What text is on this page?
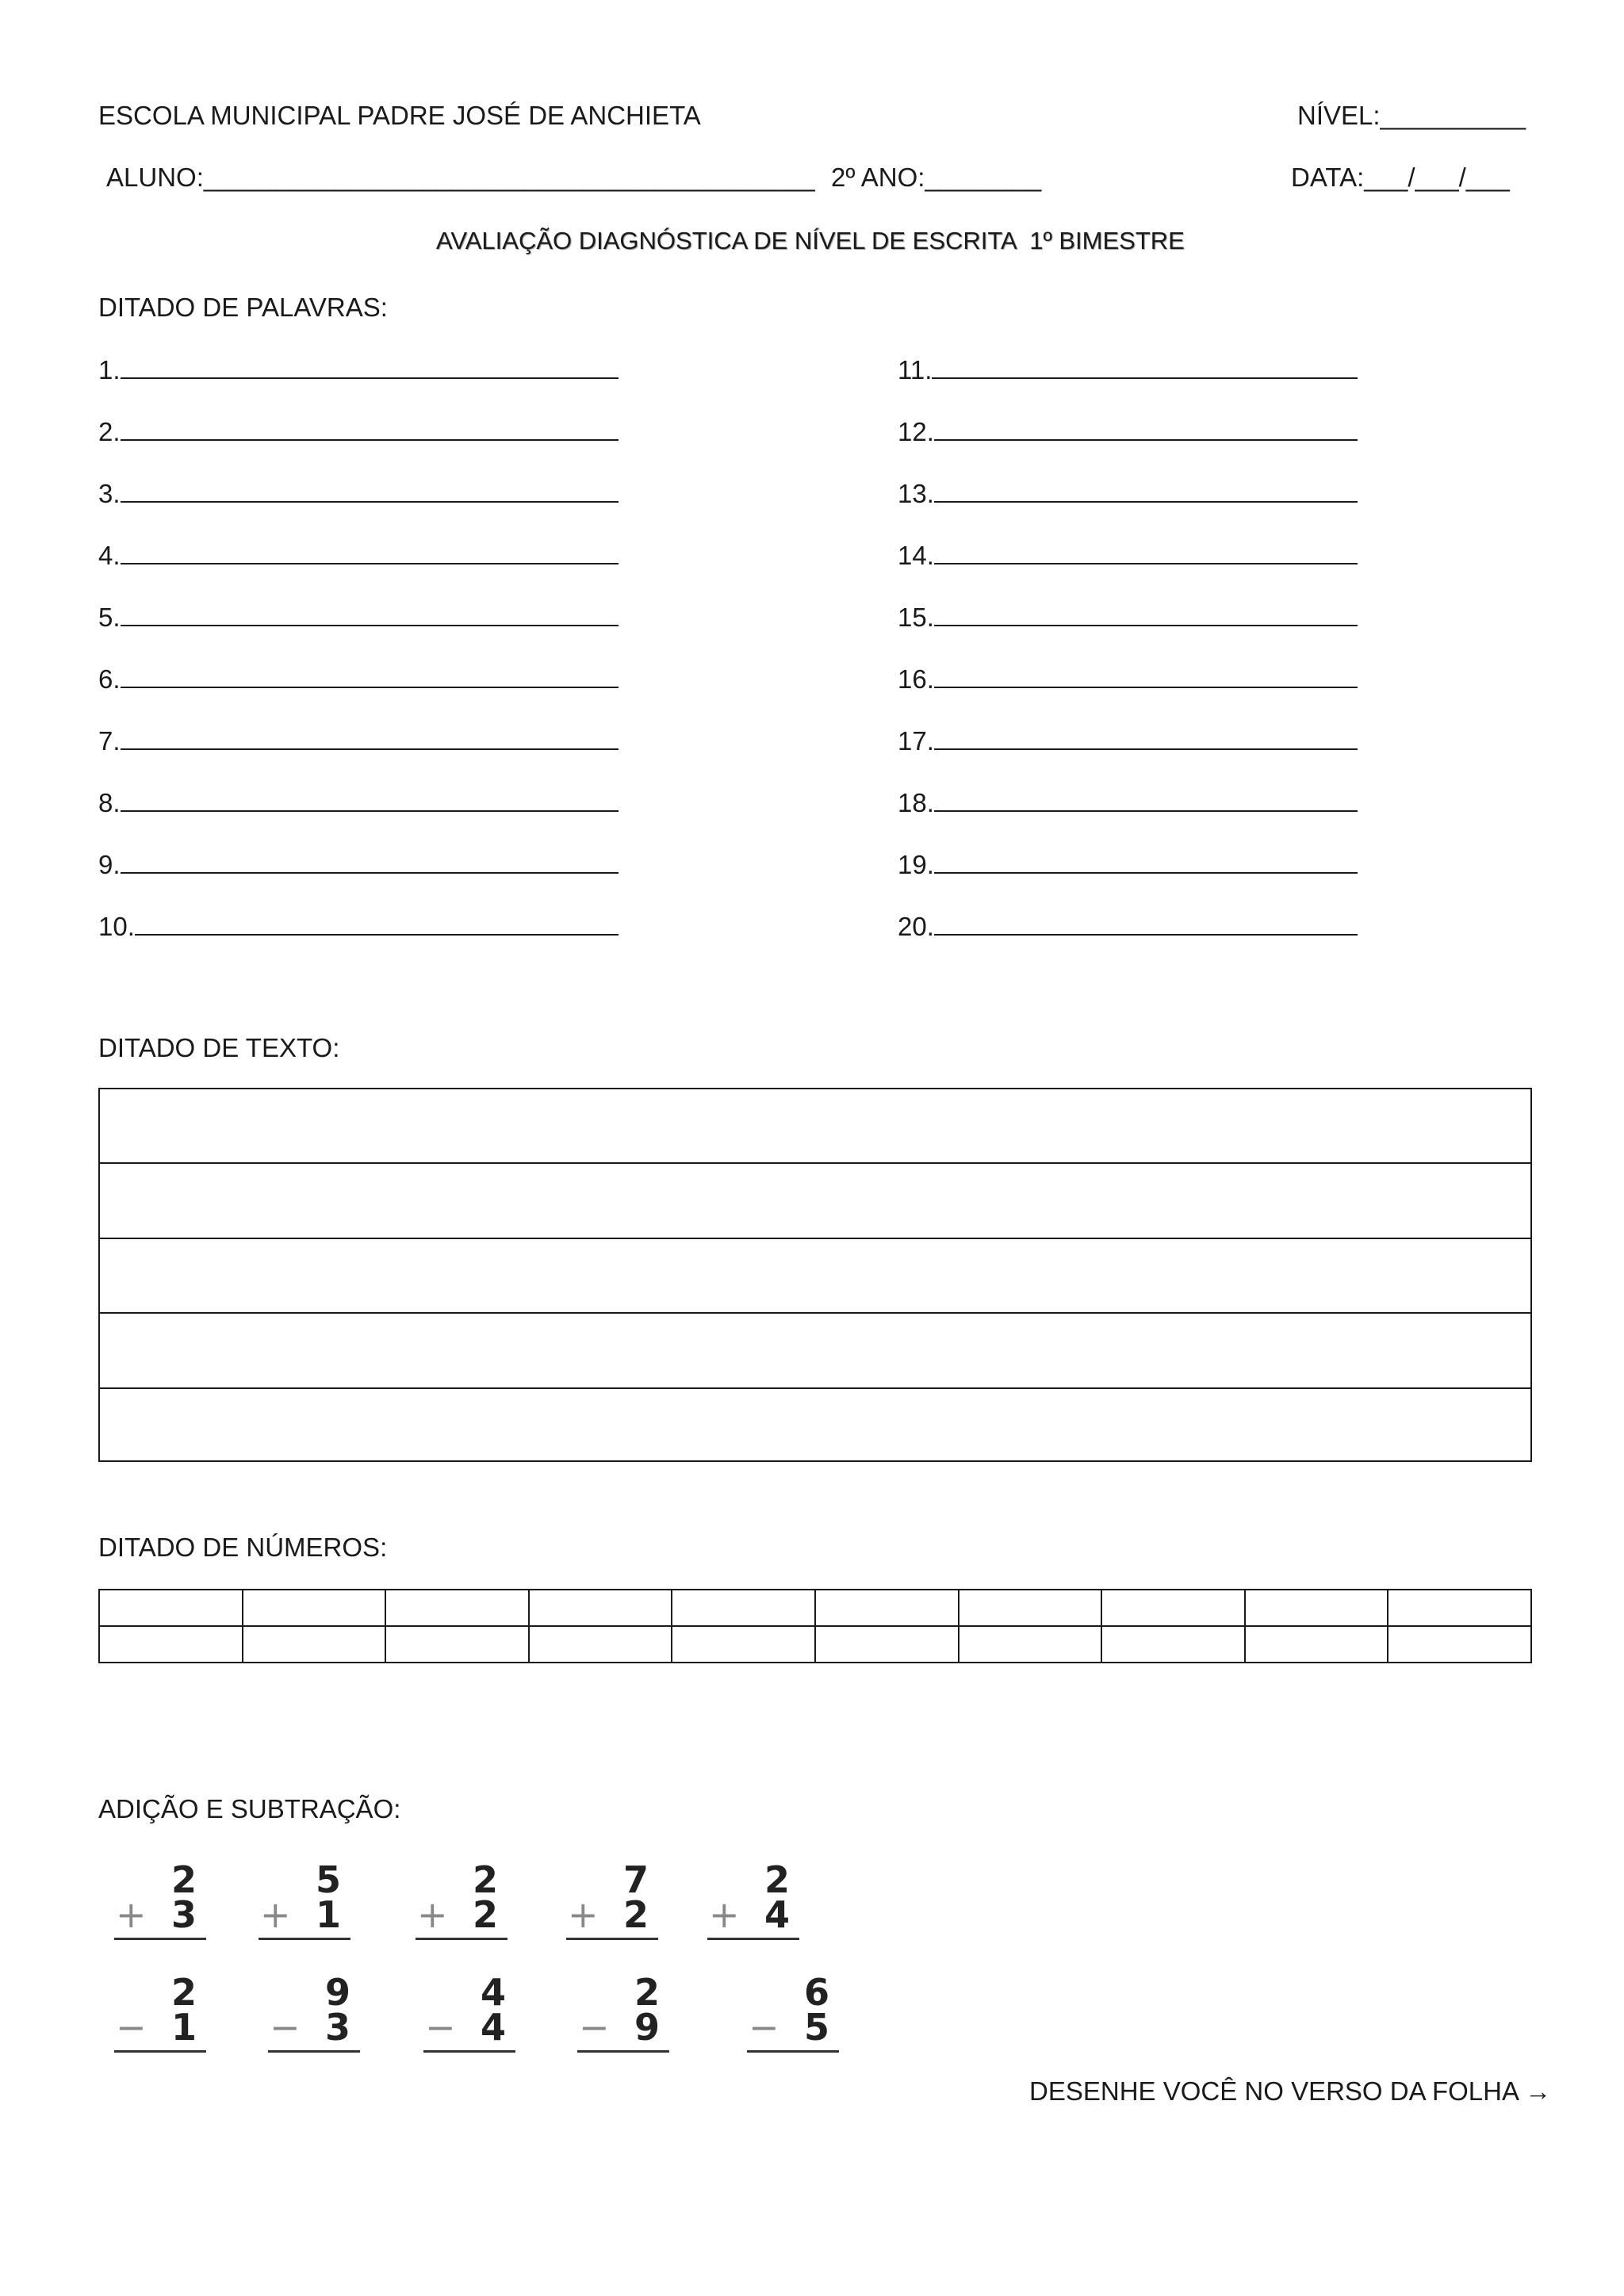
ESCOLA MUNICIPAL PADRE JOSÉ DE ANCHIETA	NÍVEL:__________
ALUNO:__________________________________________ 2º ANO:________	DATA:___/___/___
AVALIAÇÃO DIAGNÓSTICA DE NÍVEL DE ESCRITA  1º BIMESTRE
DITADO DE PALAVRAS:
1.
2.
3.
4.
5.
6.
7.
8.
9.
10.
11.
12.
13.
14.
15.
16.
17.
18.
19.
20.
DITADO DE TEXTO:
DITADO DE NÚMEROS:

ADIÇÃO E SUBTRAÇÃO:
2
+ 3
5
+ 1
2
+ 2
7
+ 2
2
+ 4
2
− 1
9
− 3
4
− 4
2
− 9
6
− 5
DESENHE VOCÊ NO VERSO DA FOLHA →
